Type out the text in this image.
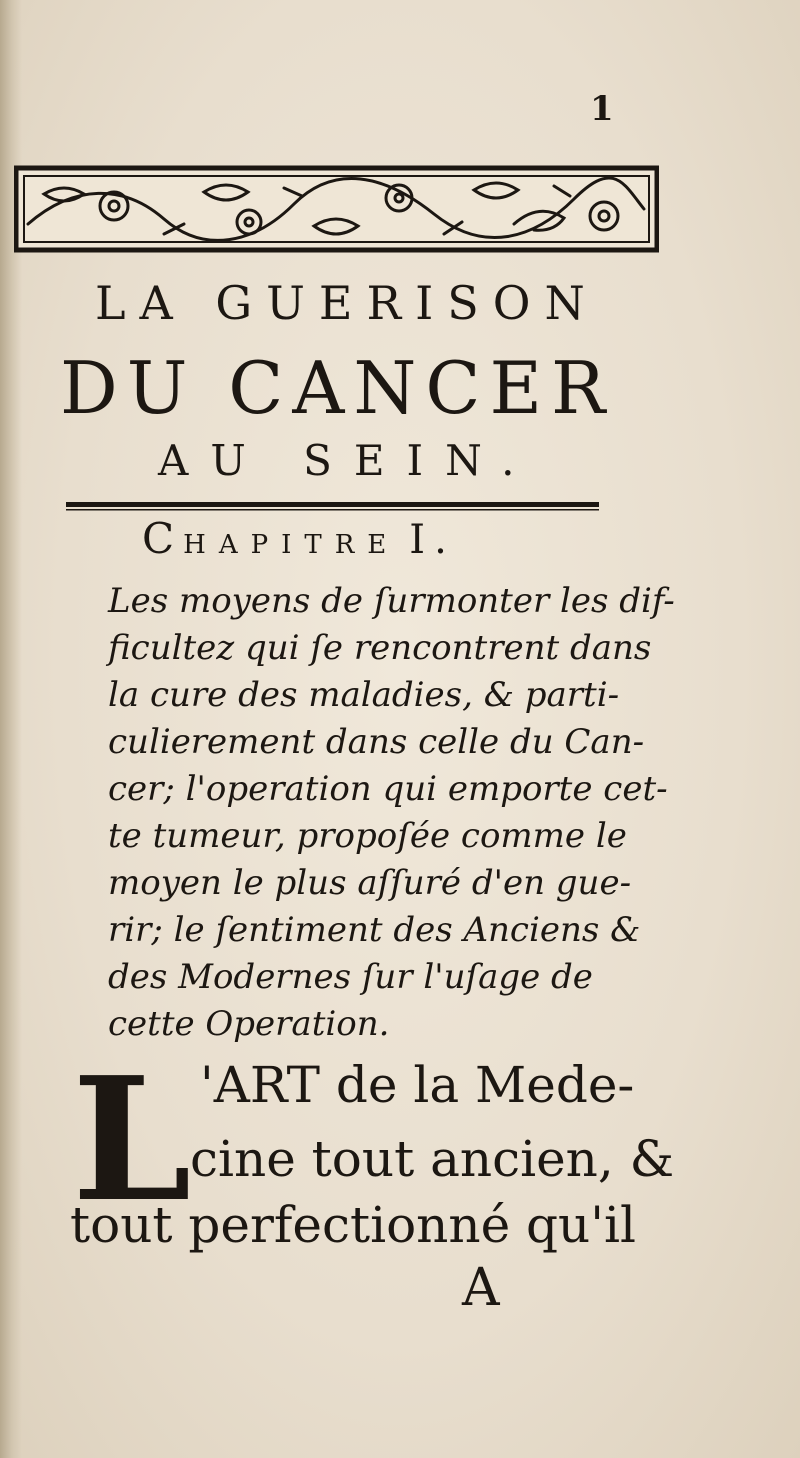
1
LA GUERISON
DU CANCER
AU SEIN.
CHAPITRE I.
Les moyens de ſurmonter les dif-
ficultez qui ſe rencontrent dans
la cure des maladies, & parti-
culierement dans celle du Can-
cer; l'operation qui emporte cet-
te tumeur, propoſée comme le
moyen le plus aſſuré d'en gue-
rir; le ſentiment des Anciens &
des Modernes ſur l'uſage de
cette Operation.
L 'ART de la Mede-
cine tout ancien, &
tout perfectionné qu'il
A
